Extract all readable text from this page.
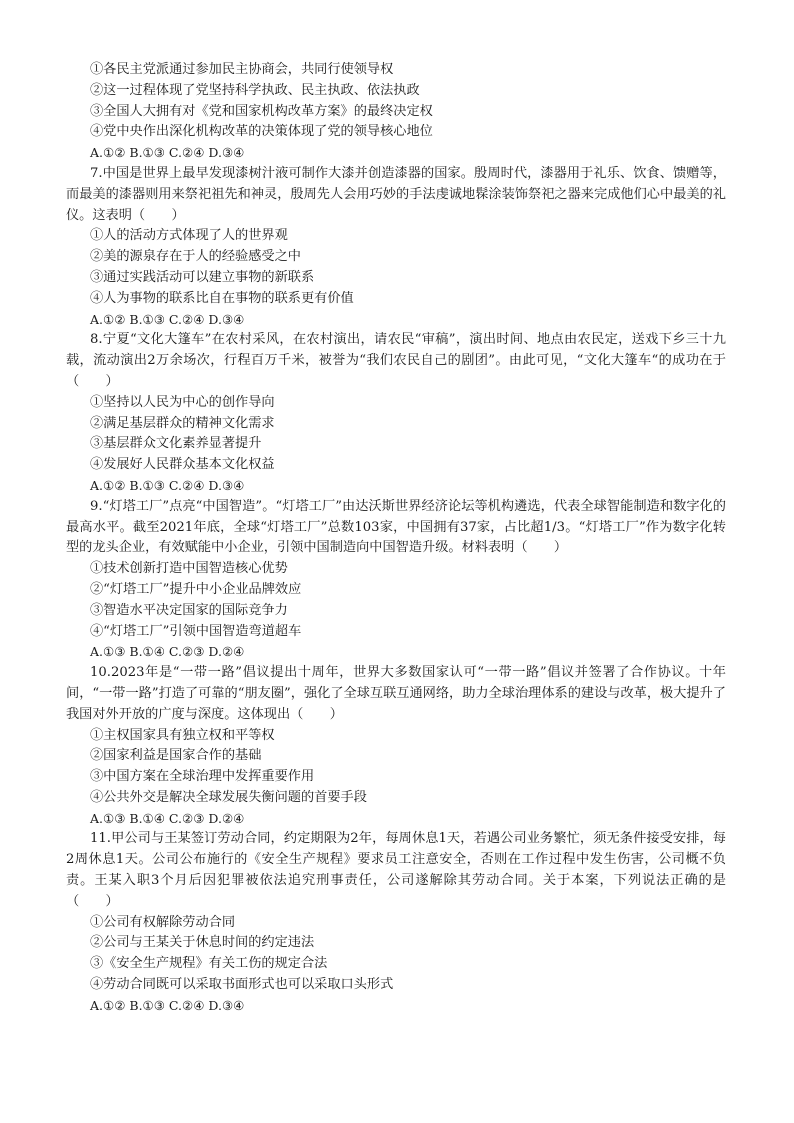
①各民主党派通过参加民主协商会，共同行使领导权
②这一过程体现了党坚持科学执政、民主执政、依法执政
③全国人大拥有对《党和国家机构改革方案》的最终决定权
④党中央作出深化机构改革的决策体现了党的领导核心地位
A.①② B.①③ C.②④ D.③④
7.中国是世界上最早发现漆树汁液可制作大漆并创造漆器的国家。殷周时代，漆器用于礼乐、饮食、馈赠等，而最美的漆器则用来祭祀祖先和神灵，殷周先人会用巧妙的手法虔诚地髹涂装饰祭祀之器来完成他们心中最美的礼仪。这表明（　　）
①人的活动方式体现了人的世界观
②美的源泉存在于人的经验感受之中
③通过实践活动可以建立事物的新联系
④人为事物的联系比自在事物的联系更有价值
A.①② B.①③ C.②④ D.③④
8.宁夏“文化大篷车”在农村采风，在农村演出，请农民“审稿”，演出时间、地点由农民定，送戏下乡三十九载，流动演出2万余场次，行程百万千米，被誉为“我们农民自己的剧团”。由此可见，“文化大篷车“的成功在于（　　）
①坚持以人民为中心的创作导向
②满足基层群众的精神文化需求
③基层群众文化素养显著提升
④发展好人民群众基本文化权益
A.①② B.①③ C.②④ D.③④
9.“灯塔工厂”点亮“中国智造”。“灯塔工厂”由达沃斯世界经济论坛等机构遴选，代表全球智能制造和数字化的最高水平。截至2021年底，全球“灯塔工厂”总数103家，中国拥有37家，占比超1/3。“灯塔工厂”作为数字化转型的龙头企业，有效赋能中小企业，引领中国制造向中国智造升级。材料表明（　　）
①技术创新打造中国智造核心优势
②“灯塔工厂”提升中小企业品牌效应
③智造水平决定国家的国际竞争力
④“灯塔工厂”引领中国智造弯道超车
A.①③ B.①④ C.②③ D.②④
10.2023年是“一带一路”倡议提出十周年，世界大多数国家认可“一带一路”倡议并签署了合作协议。十年间，“一带一路”打造了可靠的“朋友圈”，强化了全球互联互通网络，助力全球治理体系的建设与改革，极大提升了我国对外开放的广度与深度。这体现出（　　）
①主权国家具有独立权和平等权
②国家利益是国家合作的基础
③中国方案在全球治理中发挥重要作用
④公共外交是解决全球发展失衡问题的首要手段
A.①③ B.①④ C.②③ D.②④
11.甲公司与王某签订劳动合同，约定期限为2年，每周休息1天，若遇公司业务繁忙，须无条件接受安排，每2周休息1天。公司公布施行的《安全生产规程》要求员工注意安全，否则在工作过程中发生伤害，公司概不负责。王某入职3个月后因犯罪被依法追究刑事责任，公司遂解除其劳动合同。关于本案，下列说法正确的是（　　）
①公司有权解除劳动合同
②公司与王某关于休息时间的约定违法
③《安全生产规程》有关工伤的规定合法
④劳动合同既可以采取书面形式也可以采取口头形式
A.①② B.①③ C.②④ D.③④
